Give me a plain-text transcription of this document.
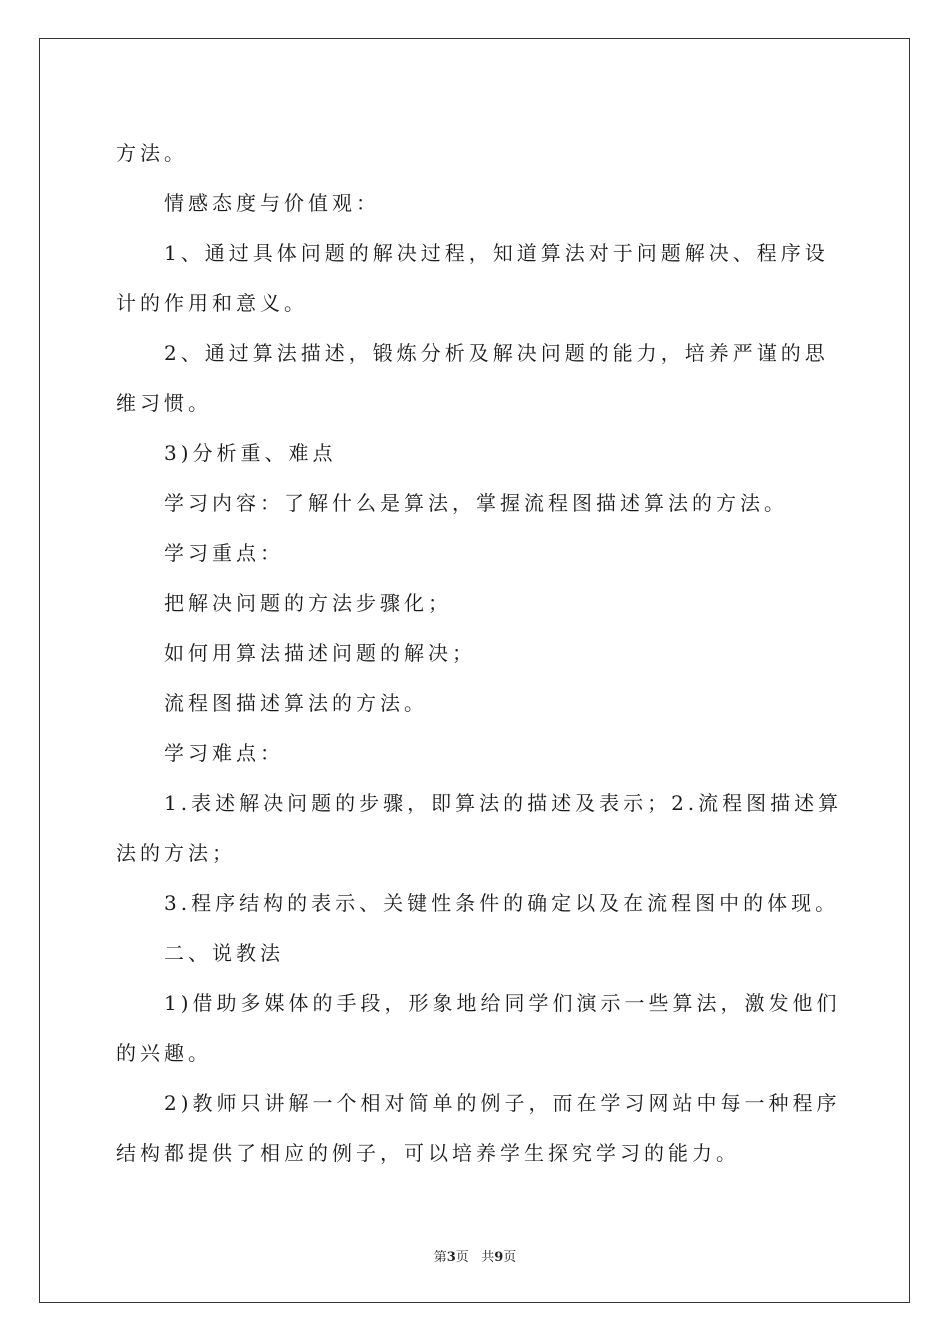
方法。
情感态度与价值观：
1、通过具体问题的解决过程，知道算法对于问题解决、程序设
计的作用和意义。
2、通过算法描述，锻炼分析及解决问题的能力，培养严谨的思
维习惯。
3)分析重、难点
学习内容：了解什么是算法，掌握流程图描述算法的方法。
学习重点：
把解决问题的方法步骤化；
如何用算法描述问题的解决；
流程图描述算法的方法。
学习难点：
1.表述解决问题的步骤，即算法的描述及表示；2.流程图描述算
法的方法；
3.程序结构的表示、关键性条件的确定以及在流程图中的体现。
二、说教法
1)借助多媒体的手段，形象地给同学们演示一些算法，激发他们
的兴趣。
2)教师只讲解一个相对简单的例子，而在学习网站中每一种程序
结构都提供了相应的例子，可以培养学生探究学习的能力。
第3页 共9页
